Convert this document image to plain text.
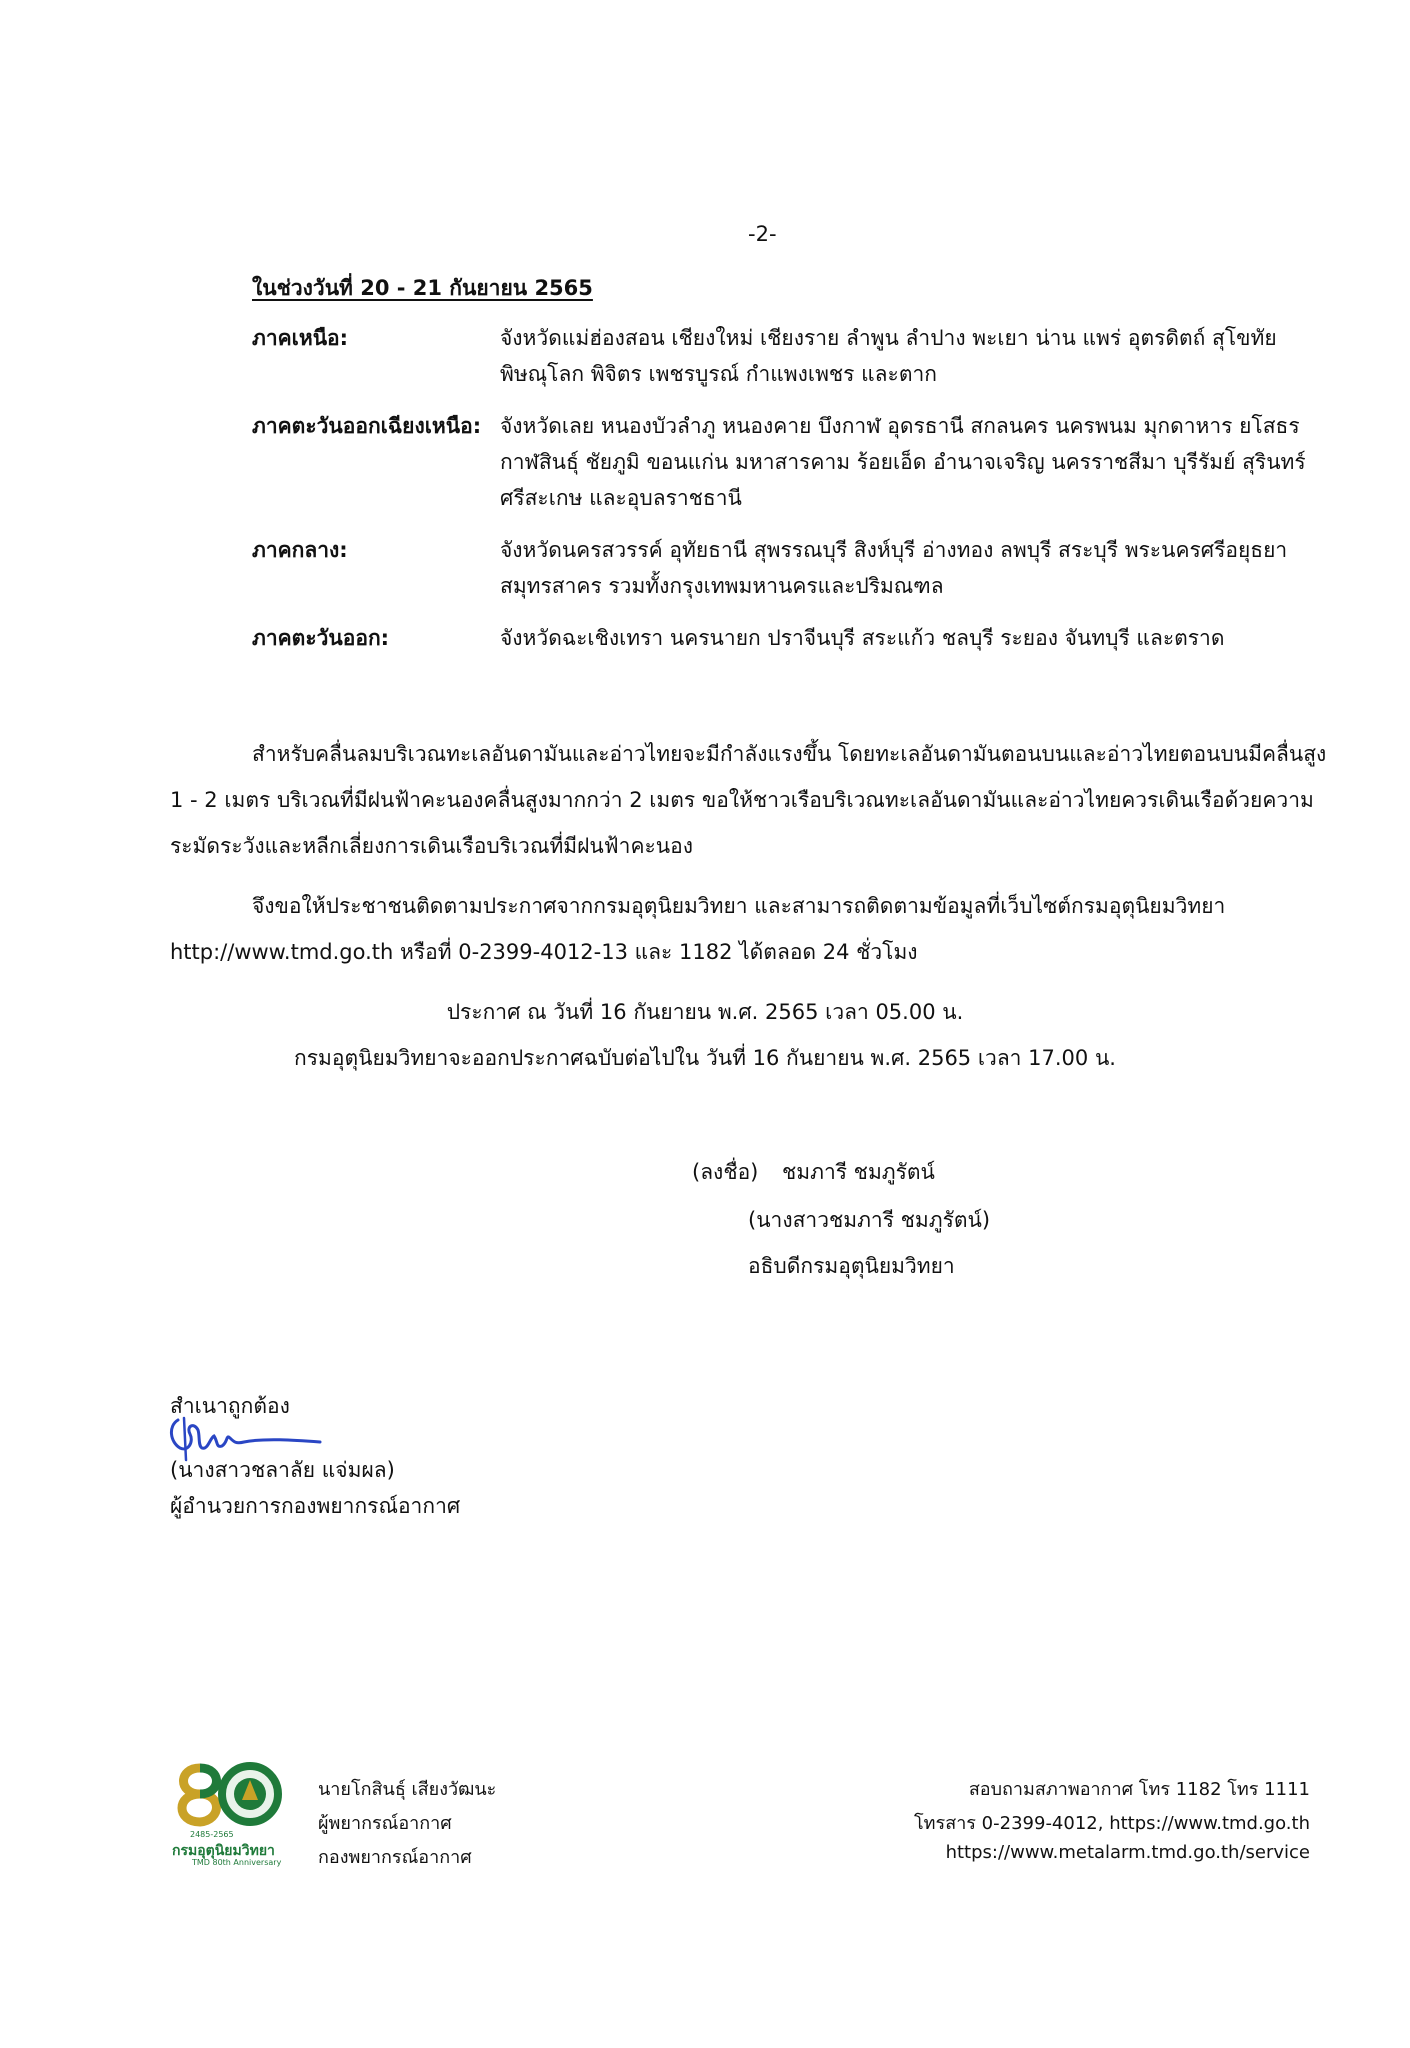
-2-
ในช่วงวันที่ 20 - 21 กันยายน 2565
ภาคเหนือ:	จังหวัดแม่ฮ่องสอน เชียงใหม่ เชียงราย ลำพูน ลำปาง พะเยา น่าน แพร่ อุตรดิตถ์ สุโขทัย
พิษณุโลก พิจิตร เพชรบูรณ์ กำแพงเพชร และตาก
ภาคตะวันออกเฉียงเหนือ: จังหวัดเลย หนองบัวลำภู หนองคาย บึงกาฬ อุดรธานี สกลนคร นครพนม มุกดาหาร ยโสธร
กาฬสินธุ์ ชัยภูมิ ขอนแก่น มหาสารคาม ร้อยเอ็ด อำนาจเจริญ นครราชสีมา บุรีรัมย์ สุรินทร์
ศรีสะเกษ และอุบลราชธานี
ภาคกลาง:	จังหวัดนครสวรรค์ อุทัยธานี สุพรรณบุรี สิงห์บุรี อ่างทอง ลพบุรี สระบุรี พระนครศรีอยุธยา
สมุทรสาคร รวมทั้งกรุงเทพมหานครและปริมณฑล
ภาคตะวันออก:	จังหวัดฉะเชิงเทรา นครนายก ปราจีนบุรี สระแก้ว ชลบุรี ระยอง จันทบุรี และตราด
สำหรับคลื่นลมบริเวณทะเลอันดามันและอ่าวไทยจะมีกำลังแรงขึ้น โดยทะเลอันดามันตอนบนและอ่าวไทยตอนบนมีคลื่นสูง
1 - 2 เมตร บริเวณที่มีฝนฟ้าคะนองคลื่นสูงมากกว่า 2 เมตร ขอให้ชาวเรือบริเวณทะเลอันดามันและอ่าวไทยควรเดินเรือด้วยความ
ระมัดระวังและหลีกเลี่ยงการเดินเรือบริเวณที่มีฝนฟ้าคะนอง
จึงขอให้ประชาชนติดตามประกาศจากกรมอุตุนิยมวิทยา และสามารถติดตามข้อมูลที่เว็บไซต์กรมอุตุนิยมวิทยา
http://www.tmd.go.th หรือที่ 0-2399-4012-13 และ 1182 ได้ตลอด 24 ชั่วโมง
ประกาศ ณ วันที่ 16 กันยายน พ.ศ. 2565 เวลา 05.00 น.
กรมอุตุนิยมวิทยาจะออกประกาศฉบับต่อไปใน วันที่ 16 กันยายน พ.ศ. 2565 เวลา 17.00 น.
(ลงชื่อ) ชมภารี ชมภูรัตน์
(นางสาวชมภารี ชมภูรัตน์)
อธิบดีกรมอุตุนิยมวิทยา
สำเนาถูกต้อง
(นางสาวชลาลัย แจ่มผล)
ผู้อำนวยการกองพยากรณ์อากาศ
2485-2565
กรมอุตุนิยมวิทยา
TMD 80th Anniversary
นายโกสินธุ์ เสียงวัฒนะ
ผู้พยากรณ์อากาศ
กองพยากรณ์อากาศ
สอบถามสภาพอากาศ โทร 1182 โทร 1111
โทรสาร 0-2399-4012, https://www.tmd.go.th
https://www.metalarm.tmd.go.th/service
